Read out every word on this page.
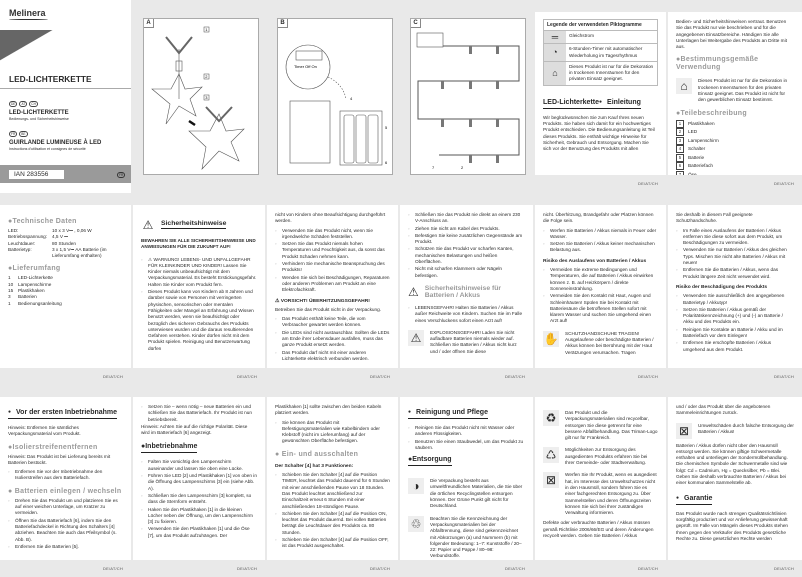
Melinera
LED-LICHTERKETTE
DE AT CH
LED-LICHTERKETTE
Bedienungs- und Sicherheitshinweise
FR BE
GUIRLANDE LUMINEUSE À LED
Instructions d'utilisation et consignes de sécurité
IAN 283556	FR
A
1
2
3
B
Timer Off On
4
5
6
C
7	2
Legende der verwendeten Piktogramme
═	Gleichstrom
◔	6-Stunden-Timer mit automatischer Wiederholung im Tagesrhythmus
⌂
Dieses Produkt ist nur für die Dekoration in trockenen Innenräumen für den privaten Einsatz geeignet.
LED-Lichterkette ● Einleitung
Wir beglückwünschen Sie zum Kauf Ihres neuen Produkts. Sie haben sich damit für ein hochwertiges Produkt entschieden. Die Bedienungsanleitung ist Teil dieses Produkts. Sie enthält wichtige Hinweise für Sicherheit, Gebrauch und Entsorgung. Machen Sie sich vor der Benutzung des Produkts mit allen
Bedien- und Sicherheitshinweisen vertraut. Benutzen Sie das Produkt nur wie beschrieben und für die angegebenen Einsatzbereiche. Händigen Sie alle Unterlagen bei Weitergabe des Produkts an Dritte mit aus.
●Bestimmungsgemäße Verwendung
⌂	Dieses Produkt ist nur für die Dekoration in trockenen Innenräumen für den privaten Einsatz geeignet. Das Produkt ist nicht für den gewerblichen Einsatz bestimmt.
●Teilebeschreibung
1	Plastikhaken
2	LED
3	Lampenschirm
4	Schalter
5	Batterie
6	Batteriefach
7	Öse
●Technische Daten
LED:	10 x 3 V⎓ , 0,06 W
Betriebsspannung:	4,5 V ⎓
Leuchtdauer:	80 Stunden
Batterietyp:	3 x 1,5 V⎓ AA Batterie (im Lieferumfang enthalten)
●Lieferumfang
1	LED-Lichterkette
10	Lampenschirme
15	Plastikhaken
3	Batterien
1	Bedienungsanleitung
⚠ Sicherheitshinweise
BEWAHREN SIE ALLE SICHERHEITSHINWEISE UND ANWEISUNGEN FÜR DIE ZUKUNFT AUF!
▫ ⚠ WARNUNG! LEBENS- UND UNFALLGEFAHR FÜR KLEINKINDER UND KINDER! Lassen Sie Kinder niemals unbeaufsichtigt mit dem Verpackungsmaterial. Es besteht Erstickungsgefahr. Halten Sie Kinder vom Produkt fern.
▫ Dieses Produkt kann von Kindern ab 8 Jahren und darüber sowie von Personen mit verringerten physischen, sensorischen oder mentalen Fähigkeiten oder Mangel an Erfahrung und Wissen benutzt werden, wenn sie beaufsichtigt oder bezüglich des sicheren Gebrauchs des Produkts unterwiesen wurden und die daraus resultierenden Gefahren verstehen. Kinder dürfen nicht mit dem Produkt spielen. Reinigung und Benutzerwartung dürfen
nicht von Kindern ohne Beaufsichtigung durchgeführt werden.
▫ Verwenden Sie das Produkt nicht, wenn Sie irgendwelche Schäden feststellen.
▫ Setzen Sie das Produkt niemals hohen Temperaturen und Feuchtigkeit aus, da sonst das Produkt Schaden nehmen kann.
▫ Verhindern Sie mechanische Beanspruchung des Produkts!
▫ Wenden Sie sich bei Beschädigungen, Reparaturen oder anderen Problemen am Produkt an eine Elektrofachkraft.
⚠ VORSICHT! ÜBERHITZUNGSGEFAHR!
Betreiben Sie das Produkt nicht in der Verpackung.
▫ Das Produkt enthält keine Teile, die vom Verbraucher gewartet werden können.
▫ Die LEDs sind nicht austauschbar. Sollten die LEDs am Ende ihrer Lebensdauer ausfallen, muss das ganze Produkt ersetzt werden.
▫ Das Produkt darf nicht mit einer anderen Lichterkette elektrisch verbunden werden.
▫ Schließen Sie das Produkt nie direkt an einem 230 V-Anschluss an.
▫ Ziehen Sie nicht am Kabel des Produkts.
▫ Befestigen Sie keine zusätzlichen Gegenstände am Produkt.
▫ Schützen Sie das Produkt vor scharfen Kanten, mechanischen Belastungen und heißen Oberflächen.
▫ Nicht mit scharfen Klammern oder Nägeln befestigen.
⚠ Sicherheitshinweise für Batterien / Akkus
▫ LEBENSGEFAHR! Halten Sie Batterien / Akkus außer Reichweite von Kindern. Suchen Sie im Falle eines Verschluckens sofort einen Arzt auf!
⚠	EXPLOSIONSGEFAHR! Laden Sie nicht aufladbare Batterien niemals wieder auf. Schließen Sie Batterien / Akkus nicht kurz und / oder öffnen Sie diese
nicht. Überhitzung, Brandgefahr oder Platzen können die Folge sein.
▫ Werfen Sie Batterien / Akkus niemals in Feuer oder Wasser.
▫ Setzen Sie Batterien / Akkus keiner mechanischen Belastung aus.
Risiko des Auslaufens von Batterien / Akkus
▫ Vermeiden Sie extreme Bedingungen und Temperaturen, die auf Batterien / Akkus einwirken können z. B. auf Heizkörpern / direkte Sonneneinstrahlung.
▫ Vermeiden Sie den Kontakt mit Haut, Augen und Schleimhäuten! Spülen Sie bei Kontakt mit Batteriesäure die betroffenen Stellen sofort mit klarem Wasser und suchen Sie umgehend einen Arzt auf!
✋ SCHUTZHANDSCHUHE TRAGEN! Ausgelaufene oder beschädigte Batterien / Akkus können bei Berührung mit der Haut Verätzungen verursachen. Tragen
Sie deshalb in diesem Fall geeignete Schutzhandschuhe.
▫ Im Falle eines Auslaufens der Batterien / Akkus entfernen Sie diese sofort aus dem Produkt, um Beschädigungen zu vermeiden.
▫ Verwenden Sie nur Batterien / Akkus des gleichen Typs. Mischen Sie nicht alte Batterien / Akkus mit neuen!
▫ Entfernen Sie die Batterien / Akkus, wenn das Produkt längere Zeit nicht verwendet wird.
Risiko der Beschädigung des Produkts
▫ Verwenden Sie ausschließlich den angegebenen Batterietyp / Akkutyp!
▫ Setzen Sie Batterien / Akkus gemäß der Polaritätskennzeichnung (+) und (-) an Batterie / Akku und des Produkts ein.
▫ Reinigen Sie Kontakte an Batterie / Akku und im Batteriefach vor dem Einlegen!
▫ Entfernen Sie erschöpfte Batterien / Akkus umgehend aus dem Produkt.
● Vor der ersten Inbetriebnahme
Hinweis: Entfernen Sie sämtliches Verpackungsmaterial vom Produkt.
●Isolierstreifenentfernen
Hinweis: Das Produkt ist bei Lieferung bereits mit Batterien bestückt.
▫ Entfernen Sie vor der Inbetriebnahme den Isolierstreifen aus dem Batteriefach.
● Batterien einlegen / wechseln
▫ Drehen Sie das Produkt um und platzieren Sie es auf einer weichen Unterlage, um Kratzer zu vermeiden.
▫ Öffnen Sie das Batteriefach [6], indem Sie den Batteriefachdeckel in Richtung des Schalters [4] abziehen. Beachten Sie auch das Pfeilsymbol (s. Abb. B).
▫ Entfernen Sie die Batterien [5].
▫ Setzen Sie – wenn nötig – neue Batterien ein und schließen Sie das Batteriefach. Ihr Produkt ist nun betriebsbereit.
Hinweis: Achten Sie auf die richtige Polarität. Diese wird im Batteriefach [6] angezeigt.
●Inbetriebnahme
▫ Falten Sie vorsichtig den Lampenschirm auseinander und lassen Sie oben eine Lücke.
▫ Führen Sie LED [2] und Plastikhaken [1] von oben in die Öffnung des Lampenschirms [3] ein (siehe Abb. A).
▫ Schließen Sie den Lampenschirm [3] komplett, so dass die Sternform entsteht.
▫ Haken Sie den Plastikhaken [1] in die kleinen Löcher neben der Öffnung, um den Lampenschirm [3] zu fixieren.
▫ Verwenden Sie den Plastikhaken [1] und die Öse [7], um das Produkt aufzuhängen. Der
Plastikhaken [1] sollte zwischen den beiden Kabeln platziert werden.
▫ Sie können das Produkt mit Befestigungsmaterialien wie Kabelbindern oder Klebstoff (nicht im Lieferumfang) auf der gewünschten Oberfläche befestigen.
● Ein- und ausschalten
Der Schalter [4] hat 3 Funktionen:
▫ Schieben Sie den Schalter [4] auf die Position TIMER, leuchtet das Produkt dauernd für 6 Stunden mit einer anschließenden Pause von 18 Stunden. Das Produkt leuchtet anschließend zur Einschaltzeit erneut 6 Stunden mit einer anschließenden 18-stündigen Pause.
▫ Schieben Sie den Schalter [4] auf die Position ON, leuchtet das Produkt dauernd. Bei vollen Batterien beträgt die Leuchtdauer des Produkts ca. 80 Stunden.
▫ Schieben Sie den Schalter [4] auf die Position OFF, ist das Produkt ausgeschaltet.
● Reinigung und Pflege
▫ Reinigen Sie das Produkt nicht mit Wasser oder anderen Flüssigkeiten.
▫ Benutzen Sie einen Staubwedel, um das Produkt zu säubern.
●Entsorgung
◑	Die Verpackung besteht aus umweltfreundlichen Materialien, die Sie über die örtlichen Recyclingstellen entsorgen können. Der Grüne Punkt gilt nicht für Deutschland.
♲	Beachten Sie die Kennzeichnung der Verpackungsmaterialien bei der Abfalltrennung, diese sind gekennzeichnet mit Abkürzungen (a) und Nummern (b) mit folgender Bedeutung: 1–7: Kunststoffe / 20–22: Papier und Pappe / 80–98: Verbundstoffe.
♻	Das Produkt und die Verpackungsmaterialien sind recycelbar, entsorgen Sie diese getrennt für eine bessere Abfallbehandlung. Das Triman-Logo gilt nur für Frankreich.
♺	Möglichkeiten zur Entsorgung des ausgedienten Produkts erfahren Sie bei Ihrer Gemeinde- oder Stadtverwaltung.
⊠	Werfen Sie Ihr Produkt, wenn es ausgedient hat, im Interesse des Umweltschutzes nicht in den Hausmüll, sondern führen Sie es einer fachgerechten Entsorgung zu. Über Sammelstellen und deren Öffnungszeiten können Sie sich bei Ihrer zuständigen Verwaltung informieren.
Defekte oder verbrauchte Batterien / Akkus müssen gemäß Richtlinie 2006/66/EG und deren Änderungen recycelt werden. Geben Sie Batterien / Akkus
und / oder das Produkt über die angebotenen Sammeleinrichtungen zurück.
⊠	Umweltschäden durch falsche Entsorgung der Batterien / Akkus!
Batterien / Akkus dürfen nicht über den Hausmüll entsorgt werden. Sie können giftige Schwermetalle enthalten und unterliegen der Sondermüllbehandlung. Die chemischen Symbole der Schwermetalle sind wie folgt: Cd = Cadmium, Hg = Quecksilber, Pb = Blei. Geben Sie deshalb verbrauchte Batterien / Akkus bei einer kommunalen Sammelstelle ab.
● Garantie
Das Produkt wurde nach strengen Qualitätsrichtlinien sorgfältig produziert und vor Anlieferung gewissenhaft geprüft. Im Falle von Mängeln dieses Produkts stehen Ihnen gegen den Verkäufer des Produkts gesetzliche Rechte zu. Diese gesetzlichen Rechte werden
DE/AT/CH	DE/AT/CH
DE/AT/CH	DE/AT/CH	DE/AT/CH	DE/AT/CH	DE/AT/CH	DE/AT/CH
DE/AT/CH	DE/AT/CH	DE/AT/CH	DE/AT/CH	DE/AT/CH	DE/AT/CH
